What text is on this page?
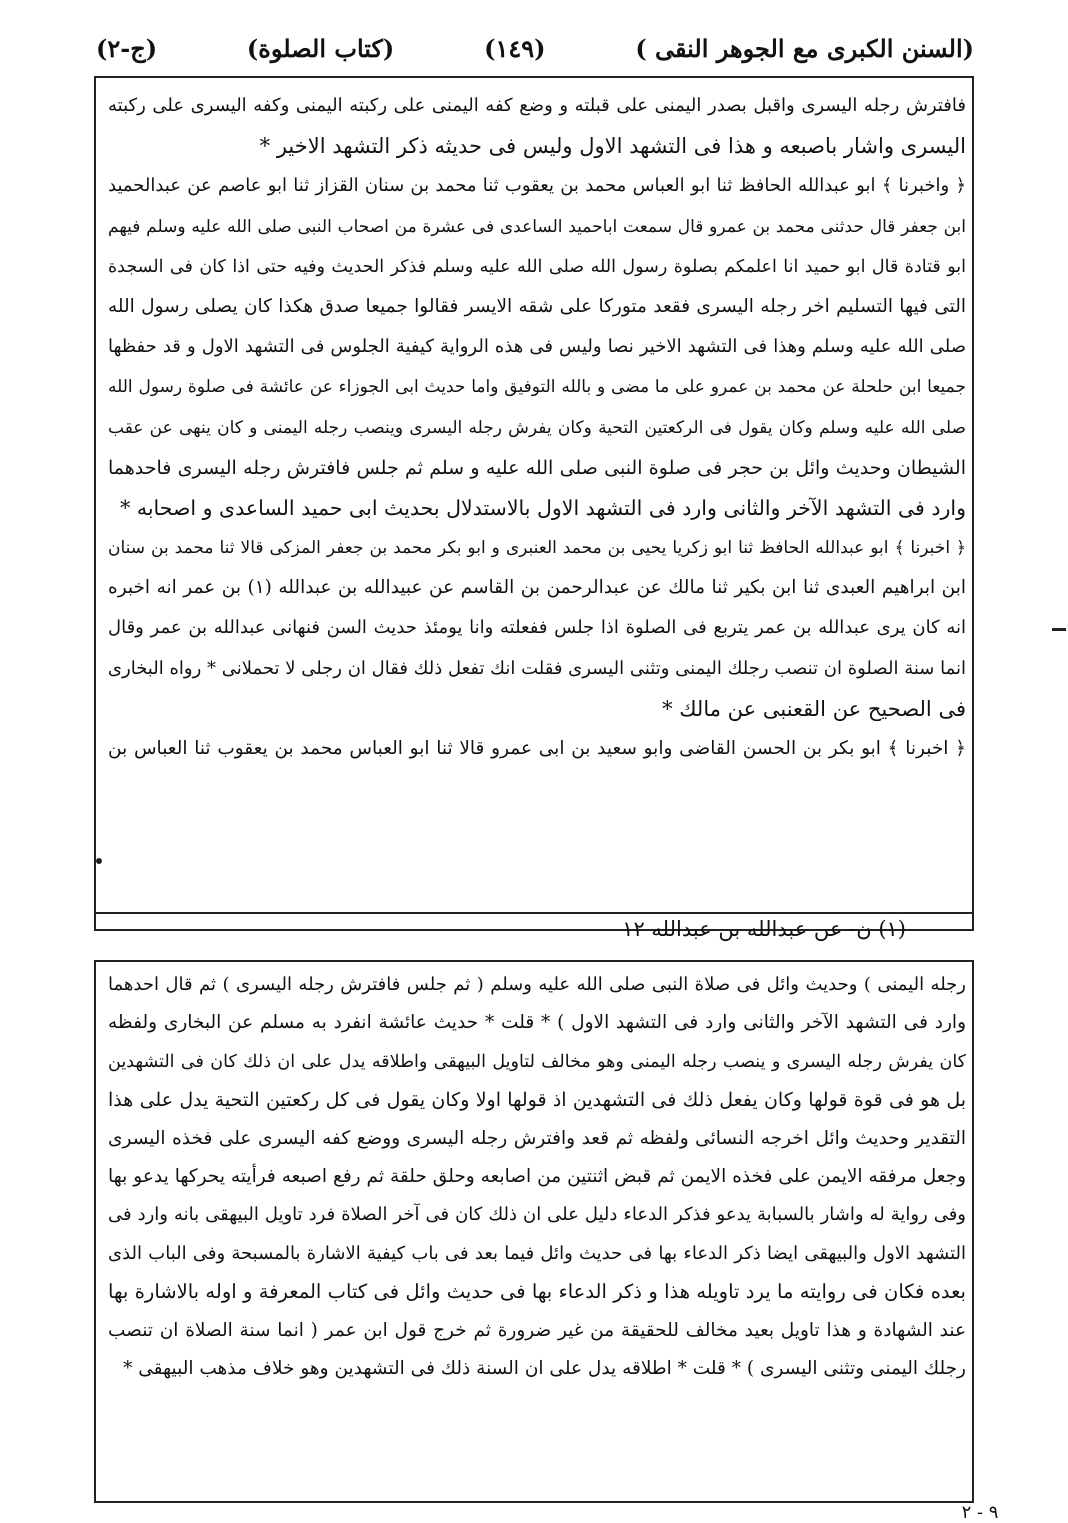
(السنن الكبرى مع الجوهر النقى )
(١٤٩)
(كتاب الصلوة)
(ج-٢)
فافترش رجله اليسرى واقبل بصدر اليمنى على قبلته و وضع كفه اليمنى على ركبته اليمنى وكفه اليسرى على ركبته
اليسرى واشار باصبعه و هذا فى التشهد الاول وليس فى حديثه ذكر التشهد الاخير *
﴿ واخبرنا ﴾ ابو عبدالله الحافظ ثنا ابو العباس محمد بن يعقوب ثنا محمد بن سنان القزاز ثنا ابو عاصم عن عبدالحميد
ابن جعفر قال حدثنى محمد بن عمرو قال سمعت اباحميد الساعدى فى عشرة من اصحاب النبى صلى الله عليه وسلم فيهم
ابو قتادة قال ابو حميد انا اعلمكم بصلوة رسول الله صلى الله عليه وسلم فذكر الحديث وفيه حتى اذا كان فى السجدة
التى فيها التسليم اخر رجله اليسرى فقعد متوركا على شقه الايسر فقالوا جميعا صدق هكذا كان يصلى رسول الله
صلى الله عليه وسلم وهذا فى التشهد الاخير نصا وليس فى هذه الرواية كيفية الجلوس فى التشهد الاول و قد حفظها
جميعا ابن حلحلة عن محمد بن عمرو على ما مضى و بالله التوفيق واما حديث ابى الجوزاء عن عائشة فى صلوة رسول الله
صلى الله عليه وسلم وكان يقول فى الركعتين التحية وكان يفرش رجله اليسرى وينصب رجله اليمنى و كان ينهى عن عقب
الشيطان وحديث وائل بن حجر فى صلوة النبى صلى الله عليه و سلم ثم جلس فافترش رجله اليسرى فاحدهما
وارد فى التشهد الآخر والثانى وارد فى التشهد الاول بالاستدلال بحديث ابى حميد الساعدى و اصحابه *
﴿ اخبرنا ﴾ ابو عبدالله الحافظ ثنا ابو زكريا يحيى بن محمد العنبرى و ابو بكر محمد بن جعفر المزكى قالا ثنا محمد بن سنان
ابن ابراهيم العبدى ثنا ابن بكير ثنا مالك عن عبدالرحمن بن القاسم عن عبيدالله بن عبدالله (١) بن عمر انه اخبره
انه كان يرى عبدالله بن عمر يتربع فى الصلوة اذا جلس ففعلته وانا يومئذ حديث السن فنهانى عبدالله بن عمر وقال
انما سنة الصلوة ان تنصب رجلك اليمنى وتثنى اليسرى فقلت انك تفعل ذلك فقال ان رجلى لا تحملانى * رواه البخارى
فى الصحيح عن القعنبى عن مالك *
﴿ اخبرنا ﴾ ابو بكر بن الحسن القاضى وابو سعيد بن ابى عمرو قالا ثنا ابو العباس محمد بن يعقوب ثنا العباس بن
(١) ن- عن عبدالله بن عبدالله ١٢
رجله اليمنى ) وحديث وائل فى صلاة النبى صلى الله عليه وسلم ( ثم جلس فافترش رجله اليسرى ) ثم قال احدهما
وارد فى التشهد الآخر والثانى وارد فى التشهد الاول ) * قلت * حديث عائشة انفرد به مسلم عن البخارى ولفظه
كان يفرش رجله اليسرى و ينصب رجله اليمنى وهو مخالف لتاويل البيهقى واطلاقه يدل على ان ذلك كان فى التشهدين
بل هو فى قوة قولها وكان يفعل ذلك فى التشهدين اذ قولها اولا وكان يقول فى كل ركعتين التحية يدل على هذا
التقدير وحديث وائل اخرجه النسائى ولفظه ثم قعد وافترش رجله اليسرى ووضع كفه اليسرى على فخذه اليسرى
وجعل مرفقه الايمن على فخذه الايمن ثم قبض اثنتين من اصابعه وحلق حلقة ثم رفع اصبعه فرأيته يحركها يدعو بها
وفى رواية له واشار بالسبابة يدعو فذكر الدعاء دليل على ان ذلك كان فى آخر الصلاة فرد تاويل البيهقى بانه وارد فى
التشهد الاول والبيهقى ايضا ذكر الدعاء بها فى حديث وائل فيما بعد فى باب كيفية الاشارة بالمسبحة وفى الباب الذى
بعده فكان فى روايته ما يرد تاويله هذا و ذكر الدعاء بها فى حديث وائل فى كتاب المعرفة و اوله بالاشارة بها
عند الشهادة و هذا تاويل بعيد مخالف للحقيقة من غير ضرورة ثم خرج قول ابن عمر ( انما سنة الصلاة ان تنصب
رجلك اليمنى وتثنى اليسرى ) * قلت * اطلاقه يدل على ان السنة ذلك فى التشهدين وهو خلاف مذهب البيهقى *
٩ - ٢
